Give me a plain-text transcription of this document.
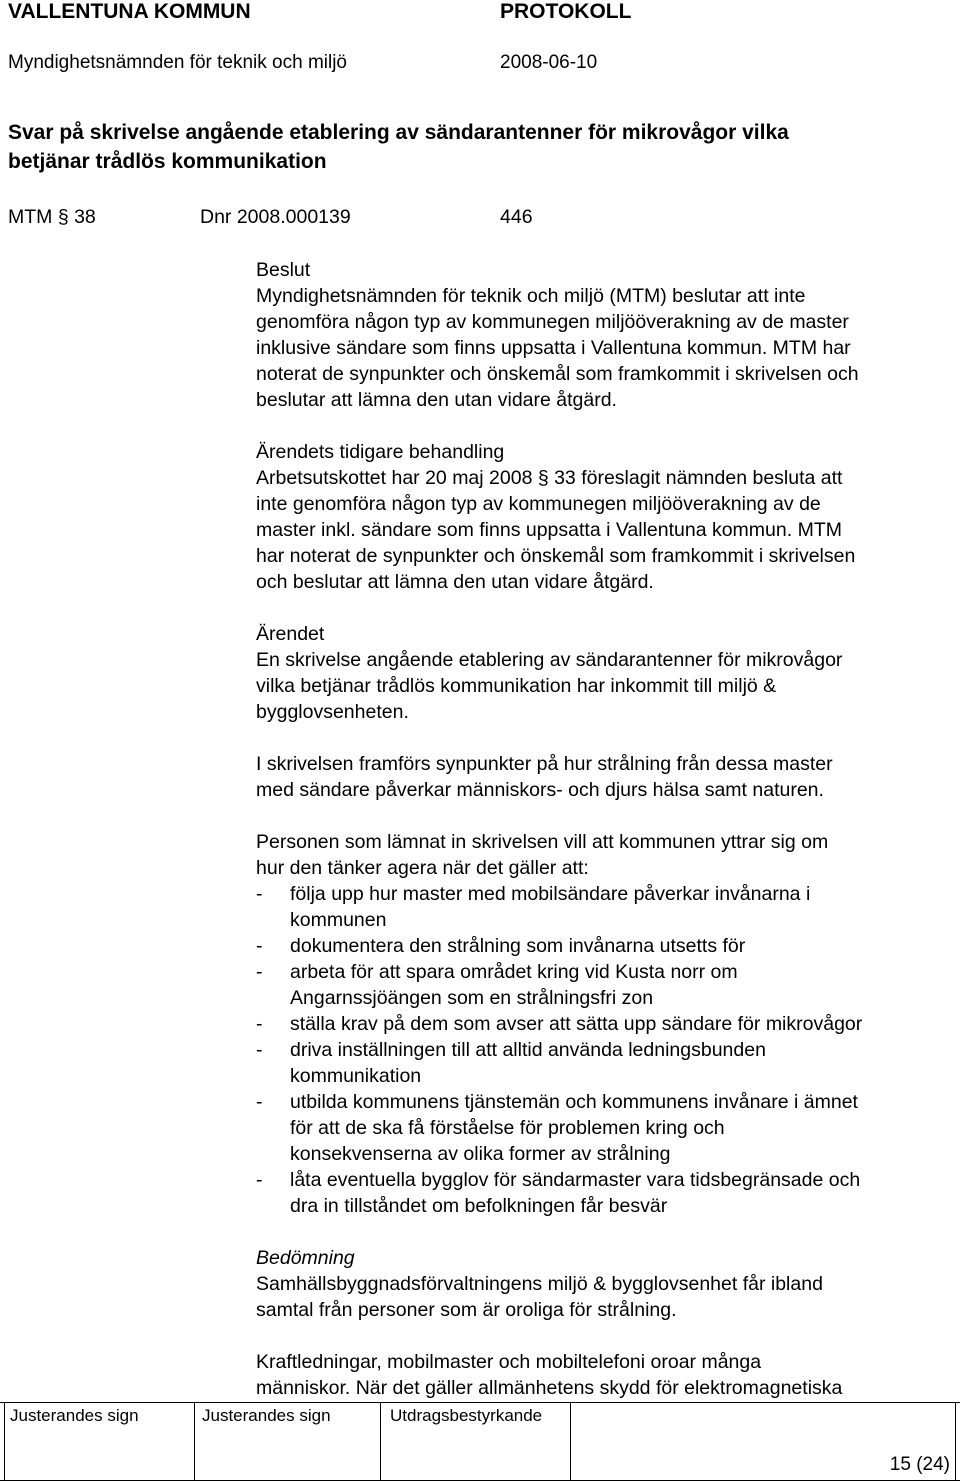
VALLENTUNA KOMMUN	PROTOKOLL
Myndighetsnämnden för teknik och miljö	2008-06-10
Svar på skrivelse angående etablering av sändarantenner för mikrovågor vilka
betjänar trådlös kommunikation
MTM § 38	Dnr 2008.000139	446
Beslut
Myndighetsnämnden för teknik och miljö (MTM) beslutar att inte
genomföra någon typ av kommunegen miljööverakning av de master
inklusive sändare som finns uppsatta i Vallentuna kommun. MTM har
noterat de synpunkter och önskemål som framkommit i skrivelsen och
beslutar att lämna den utan vidare åtgärd.
Ärendets tidigare behandling
Arbetsutskottet har 20 maj 2008 § 33 föreslagit nämnden besluta att
inte genomföra någon typ av kommunegen miljööverakning av de
master inkl. sändare som finns uppsatta i Vallentuna kommun. MTM
har noterat de synpunkter och önskemål som framkommit i skrivelsen
och beslutar att lämna den utan vidare åtgärd.
Ärendet
En skrivelse angående etablering av sändarantenner för mikrovågor
vilka betjänar trådlös kommunikation har inkommit till miljö &
bygglovsenheten.
I skrivelsen framförs synpunkter på hur strålning från dessa master
med sändare påverkar människors- och djurs hälsa samt naturen.
Personen som lämnat in skrivelsen vill att kommunen yttrar sig om
hur den tänker agera när det gäller att:
- följa upp hur master med mobilsändare påverkar invånarna i
kommunen
- dokumentera den strålning som invånarna utsetts för
- arbeta för att spara området kring vid Kusta norr om
Angarnssjöängen som en strålningsfri zon
- ställa krav på dem som avser att sätta upp sändare för mikrovågor
- driva inställningen till att alltid använda ledningsbunden
kommunikation
- utbilda kommunens tjänstemän och kommunens invånare i ämnet
för att de ska få förståelse för problemen kring och
konsekvenserna av olika former av strålning
- låta eventuella bygglov för sändarmaster vara tidsbegränsade och
dra in tillståndet om befolkningen får besvär
Bedömning
Samhällsbyggnadsförvaltningens miljö & bygglovsenhet får ibland
samtal från personer som är oroliga för strålning.
Kraftledningar, mobilmaster och mobiltelefoni oroar många
människor. När det gäller allmänhetens skydd för elektromagnetiska
Justerandes sign	Justerandes sign	Utdragsbestyrkande
15 (24)
